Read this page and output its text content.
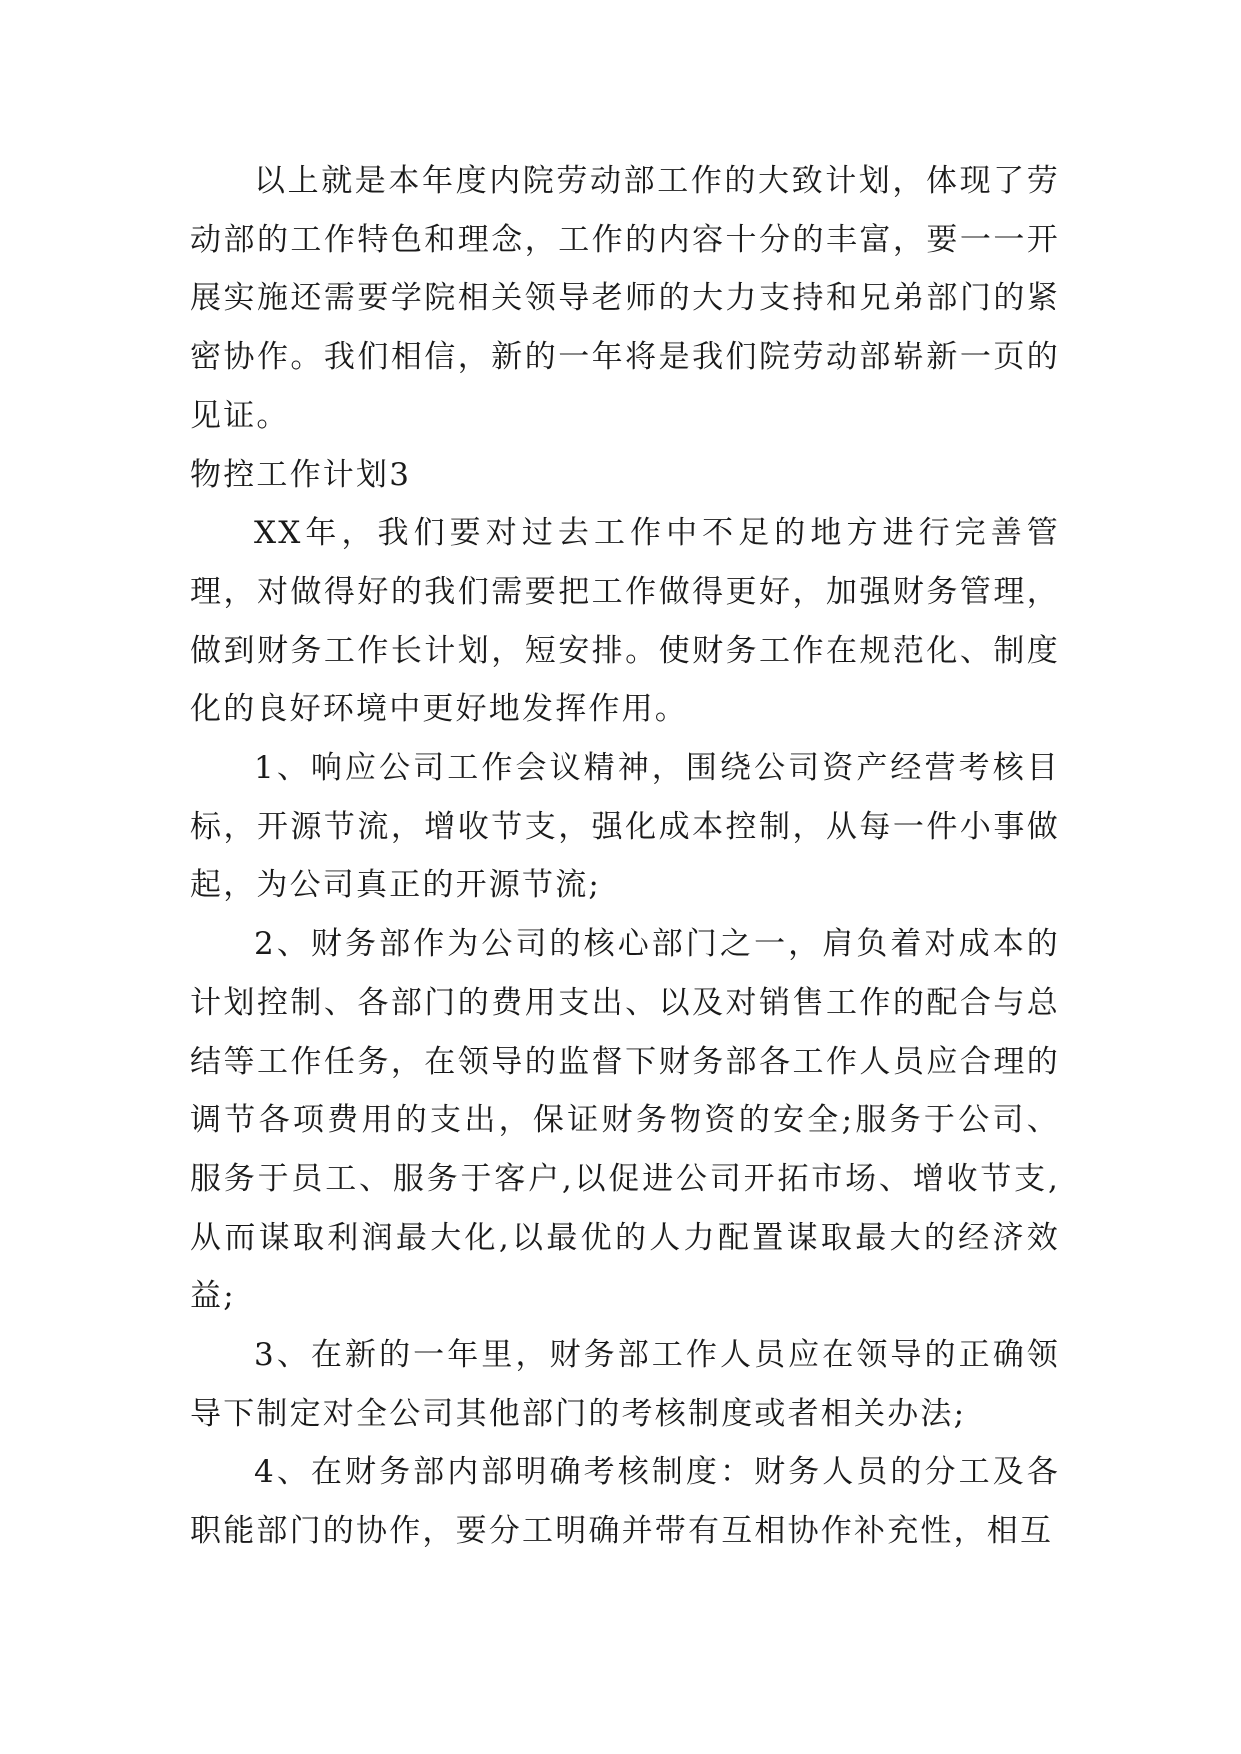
以上就是本年度内院劳动部工作的大致计划，体现了劳动部的工作特色和理念，工作的内容十分的丰富，要一一开展实施还需要学院相关领导老师的大力支持和兄弟部门的紧密协作。我们相信，新的一年将是我们院劳动部崭新一页的见证。

物控工作计划3

XX年，我们要对过去工作中不足的地方进行完善管理，对做得好的我们需要把工作做得更好，加强财务管理，做到财务工作长计划，短安排。使财务工作在规范化、制度化的良好环境中更好地发挥作用。

1、响应公司工作会议精神，围绕公司资产经营考核目标，开源节流，增收节支，强化成本控制，从每一件小事做起，为公司真正的开源节流;

2、财务部作为公司的核心部门之一，肩负着对成本的计划控制、各部门的费用支出、以及对销售工作的配合与总结等工作任务，在领导的监督下财务部各工作人员应合理的调节各项费用的支出，保证财务物资的安全;服务于公司、服务于员工、服务于客户,以促进公司开拓市场、增收节支,从而谋取利润最大化,以最优的人力配置谋取最大的经济效益;

3、在新的一年里，财务部工作人员应在领导的正确领导下制定对全公司其他部门的考核制度或者相关办法;

4、在财务部内部明确考核制度：财务人员的分工及各职能部门的协作，要分工明确并带有互相协作补充性，相互
